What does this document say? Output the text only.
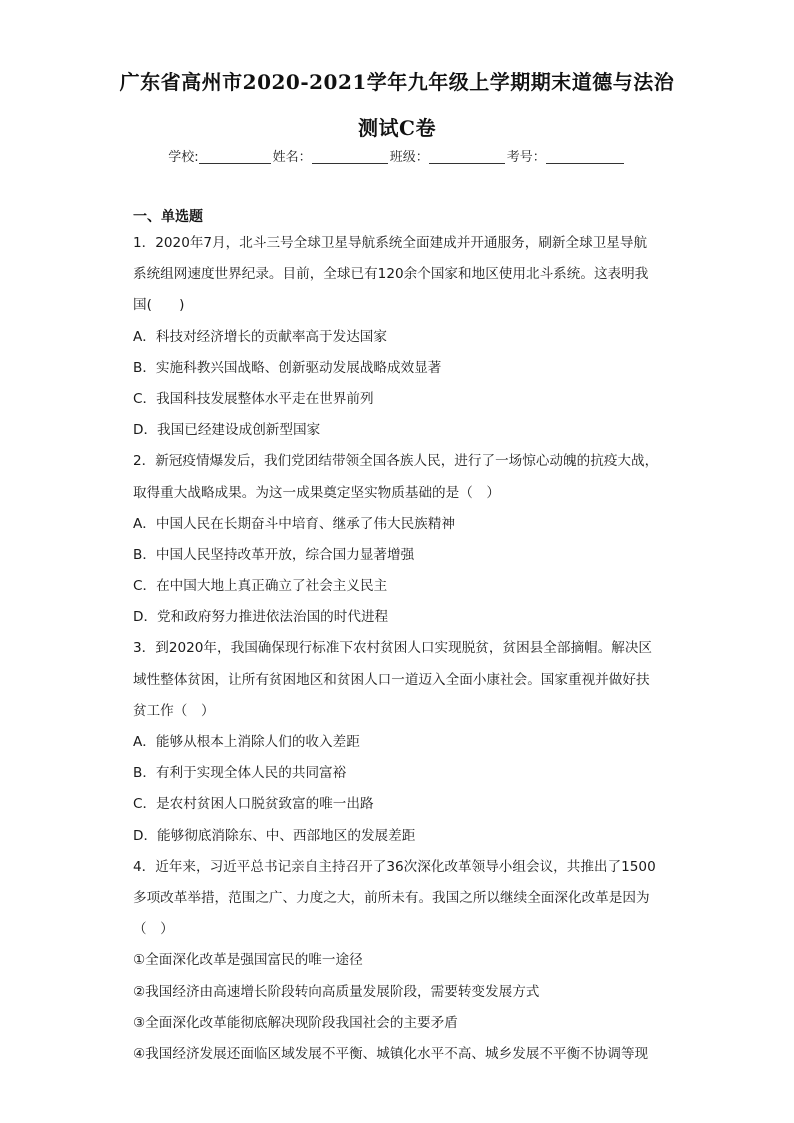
广东省高州市2020-2021学年九年级上学期期末道德与法治
测试C卷
学校:	姓名：	班级：	考号：
一、单选题
1．2020年7月，北斗三号全球卫星导航系统全面建成并开通服务，刷新全球卫星导航
系统组网速度世界纪录。目前，全球已有120余个国家和地区使用北斗系统。这表明我
国(　　)
A．科技对经济增长的贡献率高于发达国家
B．实施科教兴国战略、创新驱动发展战略成效显著
C．我国科技发展整体水平走在世界前列
D．我国已经建设成创新型国家
2．新冠疫情爆发后，我们党团结带领全国各族人民，进行了一场惊心动魄的抗疫大战，
取得重大战略成果。为这一成果奠定坚实物质基础的是（　）
A．中国人民在长期奋斗中培育、继承了伟大民族精神
B．中国人民坚持改革开放，综合国力显著增强
C．在中国大地上真正确立了社会主义民主
D．党和政府努力推进依法治国的时代进程
3．到2020年，我国确保现行标准下农村贫困人口实现脱贫，贫困县全部摘帽。解决区
域性整体贫困，让所有贫困地区和贫困人口一道迈入全面小康社会。国家重视并做好扶
贫工作（　）
A．能够从根本上消除人们的收入差距
B．有利于实现全体人民的共同富裕
C．是农村贫困人口脱贫致富的唯一出路
D．能够彻底消除东、中、西部地区的发展差距
4．近年来，习近平总书记亲自主持召开了36次深化改革领导小组会议，共推出了1500
多项改革举措，范围之广、力度之大，前所未有。我国之所以继续全面深化改革是因为
（　）
①全面深化改革是强国富民的唯一途径
②我国经济由高速增长阶段转向高质量发展阶段，需要转变发展方式
③全面深化改革能彻底解决现阶段我国社会的主要矛盾
④我国经济发展还面临区域发展不平衡、城镇化水平不高、城乡发展不平衡不协调等现
